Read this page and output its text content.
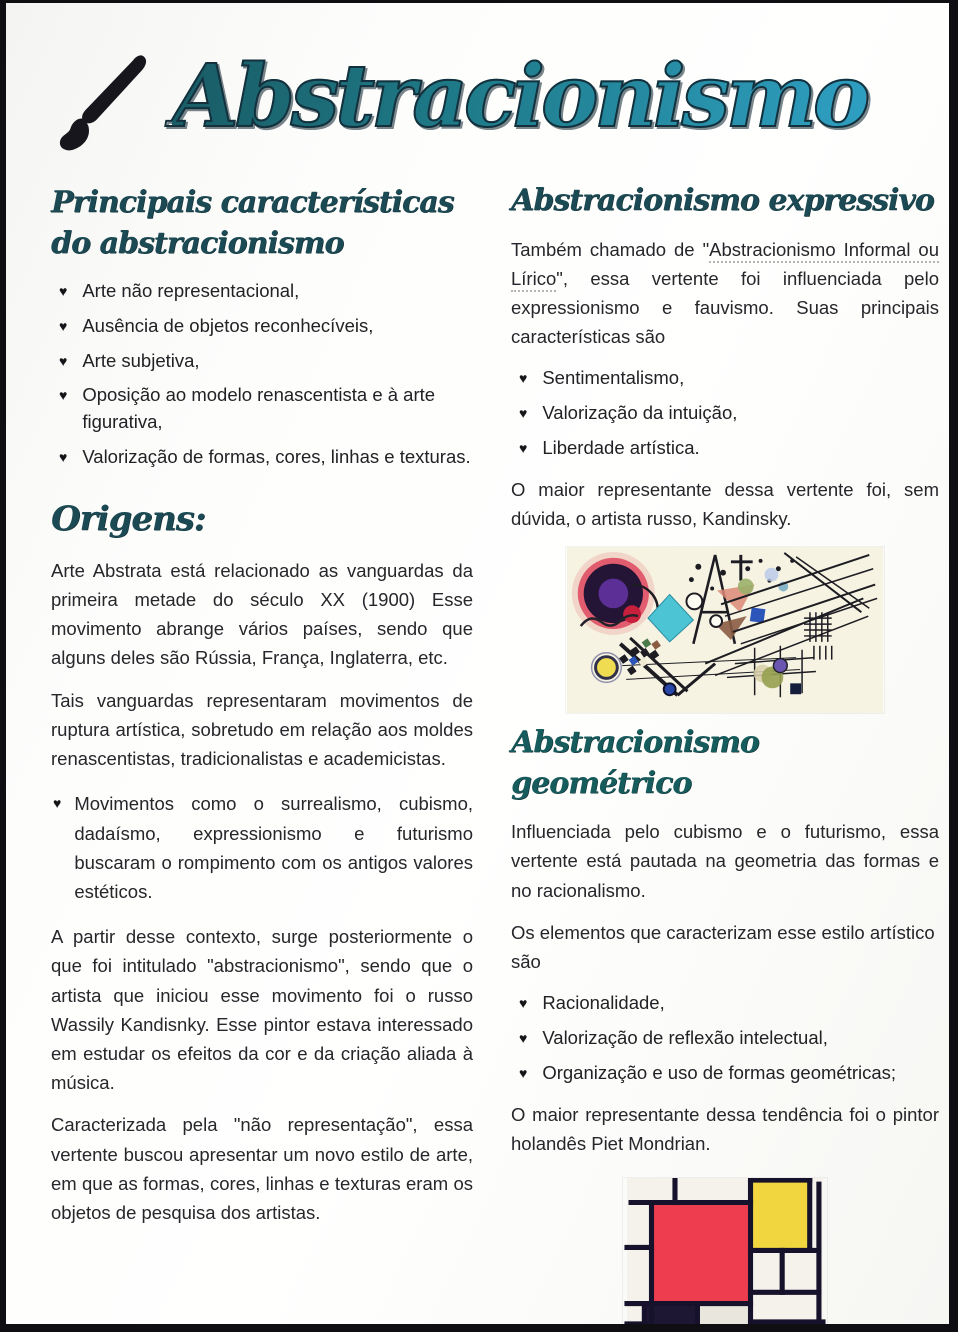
Abstracionismo
Principais características do abstracionismo
♥ Arte não representacional,
♥ Ausência de objetos reconhecíveis,
♥ Arte subjetiva,
♥ Oposição ao modelo renascentista e à arte figurativa,
♥ Valorização de formas, cores, linhas e texturas.
Origens:

Arte Abstrata está relacionado as vanguardas da primeira metade do século XX (1900) Esse movimento abrange vários países, sendo que alguns deles são Rússia, França, Inglaterra, etc.

Tais vanguardas representaram movimentos de ruptura artística, sobretudo em relação aos moldes renascentistas, tradicionalistas e academicistas.

♥ Movimentos como o surrealismo, cubismo, dadaísmo, expressionismo e futurismo buscaram o rompimento com os antigos valores estéticos.

A partir desse contexto, surge posteriormente o que foi intitulado "abstracionismo", sendo que o artista que iniciou esse movimento foi o russo Wassily Kandisnky. Esse pintor estava interessado em estudar os efeitos da cor e da criação aliada à música.

Caracterizada pela "não representação", essa vertente buscou apresentar um novo estilo de arte, em que as formas, cores, linhas e texturas eram os objetos de pesquisa dos artistas.

Abstracionismo expressivo

Também chamado de "Abstracionismo Informal ou Lírico", essa vertente foi influenciada pelo expressionismo e fauvismo. Suas principais características são

♥ Sentimentalismo,
♥ Valorização da intuição,
♥ Liberdade artística.

O maior representante dessa vertente foi, sem dúvida, o artista russo, Kandinsky.

Abstracionismo geométrico

Influenciada pelo cubismo e o futurismo, essa vertente está pautada na geometria das formas e no racionalismo.

Os elementos que caracterizam esse estilo artístico são

♥ Racionalidade,
♥ Valorização de reflexão intelectual,
♥ Organização e uso de formas geométricas;

O maior representante dessa tendência foi o pintor holandês Piet Mondrian.
